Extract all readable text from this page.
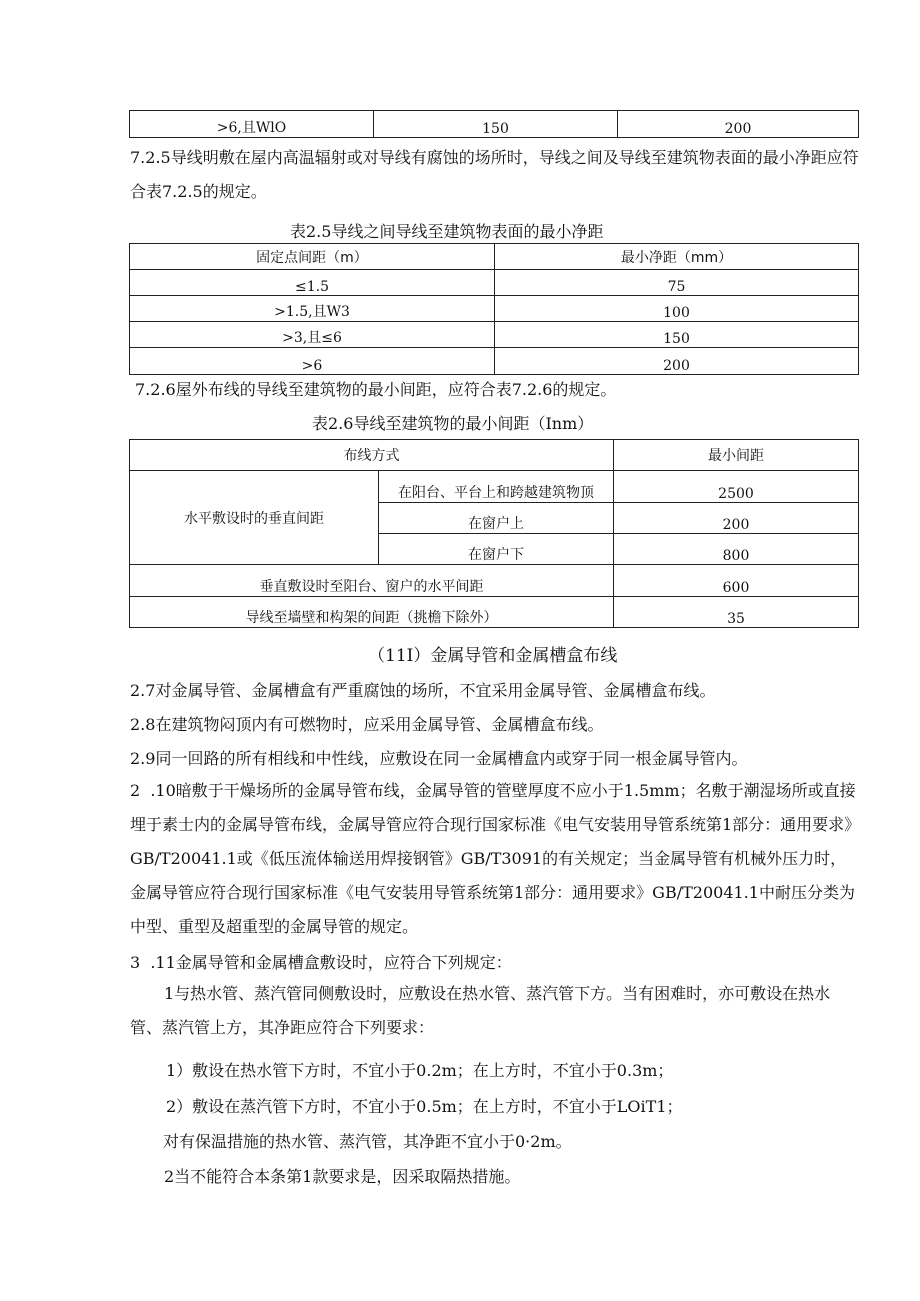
>6,且WlO	150	200
7.2.5导线明敷在屋内高温辐射或对导线有腐蚀的场所时，导线之间及导线至建筑物表面的最小净距应符合表7.2.5的规定。
表2.5导线之间导线至建筑物表面的最小净距
固定点间距（m）	最小净距（mm）
≤1.5	75
>1.5,且W3	100
>3,且≤6	150
>6	200
7.2.6屋外布线的导线至建筑物的最小间距，应符合表7.2.6的规定。
表2.6导线至建筑物的最小间距（Inm）
布线方式		最小间距
水平敷设时的垂直间距	在阳台、平台上和跨越建筑物顶	2500
	在窗户上	200
	在窗户下	800
垂直敷设时至阳台、窗户的水平间距		600
导线至墙壁和构架的间距（挑檐下除外）		35
（11I）金属导管和金属槽盒布线
2.7对金属导管、金属槽盒有严重腐蚀的场所，不宜采用金属导管、金属槽盒布线。
2.8在建筑物闷顶内有可燃物时，应采用金属导管、金属槽盒布线。
2.9同一回路的所有相线和中性线，应敷设在同一金属槽盒内或穿于同一根金属导管内。
2	.10暗敷于干燥场所的金属导管布线，金属导管的管壁厚度不应小于1.5mm；名敷于潮湿场所或直接埋于素士内的金属导管布线，金属导管应符合现行国家标准《电气安装用导管系统第1部分：通用要求》GB/T20041.1或《低压流体输送用焊接钢管》GB/T3091的有关规定；当金属导管有机械外压力时，金属导管应符合现行国家标准《电气安装用导管系统第1部分：通用要求》GB/T20041.1中耐压分类为中型、重型及超重型的金属导管的规定。
3	.11金属导管和金属槽盒敷设时，应符合下列规定：
1与热水管、蒸汽管同侧敷设时，应敷设在热水管、蒸汽管下方。当有困难时，亦可敷设在热水管、蒸汽管上方，其净距应符合下列要求：
1）敷设在热水管下方时，不宜小于0.2m；在上方时，不宜小于0.3m；
2）敷设在蒸汽管下方时，不宜小于0.5m；在上方时，不宜小于LOiT1；
对有保温措施的热水管、蒸汽管，其净距不宜小于0·2m。
2当不能符合本条第1款要求是，因采取隔热措施。
